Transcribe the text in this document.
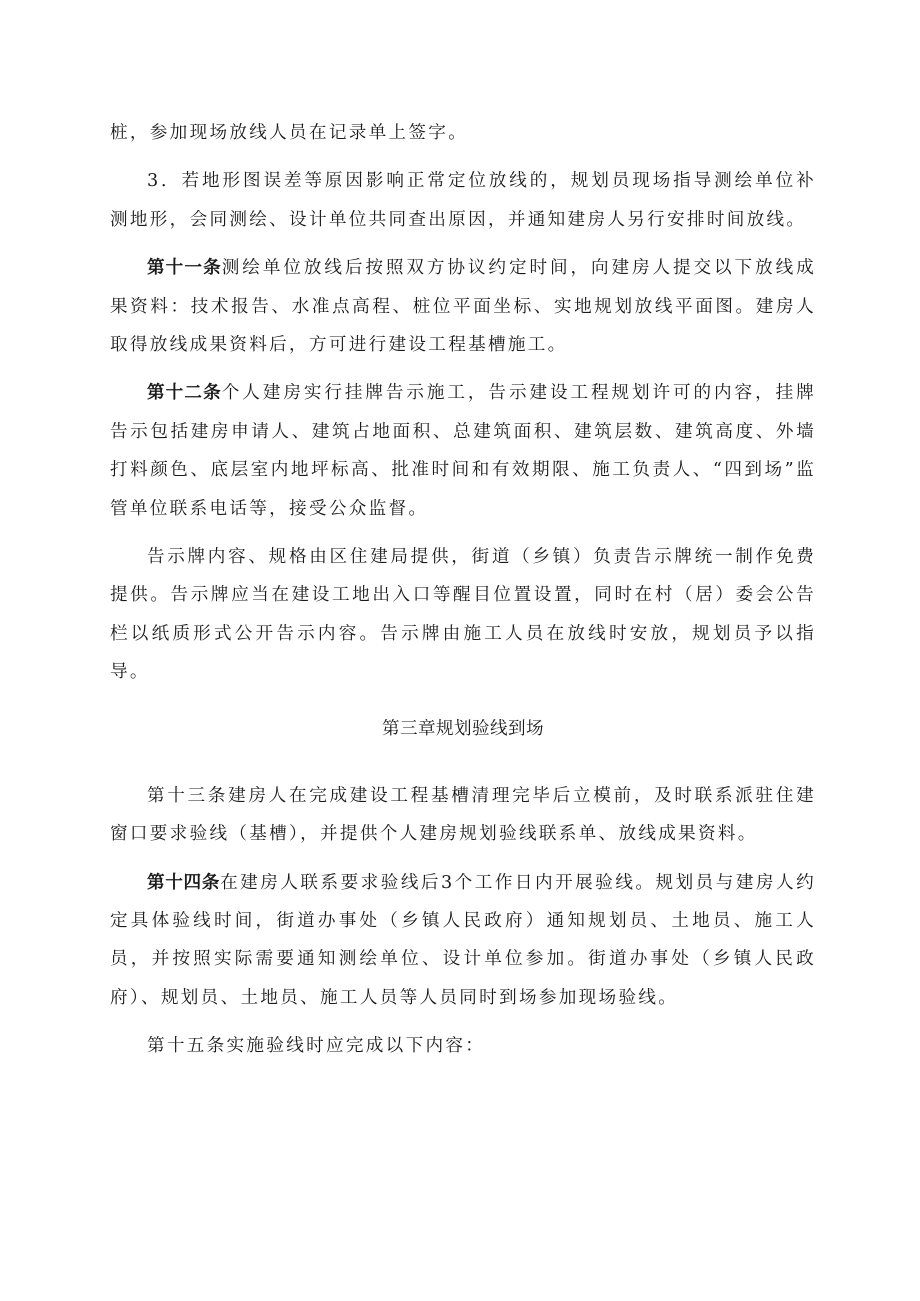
桩，参加现场放线人员在记录单上签字。

3．若地形图误差等原因影响正常定位放线的，规划员现场指导测绘单位补测地形，会同测绘、设计单位共同查出原因，并通知建房人另行安排时间放线。

第十一条测绘单位放线后按照双方协议约定时间，向建房人提交以下放线成果资料：技术报告、水准点高程、桩位平面坐标、实地规划放线平面图。建房人取得放线成果资料后，方可进行建设工程基槽施工。

第十二条个人建房实行挂牌告示施工，告示建设工程规划许可的内容，挂牌告示包括建房申请人、建筑占地面积、总建筑面积、建筑层数、建筑高度、外墙打料颜色、底层室内地坪标高、批准时间和有效期限、施工负责人、“四到场”监管单位联系电话等，接受公众监督。

告示牌内容、规格由区住建局提供，街道（乡镇）负责告示牌统一制作免费提供。告示牌应当在建设工地出入口等醒目位置设置，同时在村（居）委会公告栏以纸质形式公开告示内容。告示牌由施工人员在放线时安放，规划员予以指导。

第三章规划验线到场

第十三条建房人在完成建设工程基槽清理完毕后立模前，及时联系派驻住建窗口要求验线（基槽），并提供个人建房规划验线联系单、放线成果资料。

第十四条在建房人联系要求验线后3个工作日内开展验线。规划员与建房人约定具体验线时间，街道办事处（乡镇人民政府）通知规划员、土地员、施工人员，并按照实际需要通知测绘单位、设计单位参加。街道办事处（乡镇人民政府）、规划员、土地员、施工人员等人员同时到场参加现场验线。

第十五条实施验线时应完成以下内容：
